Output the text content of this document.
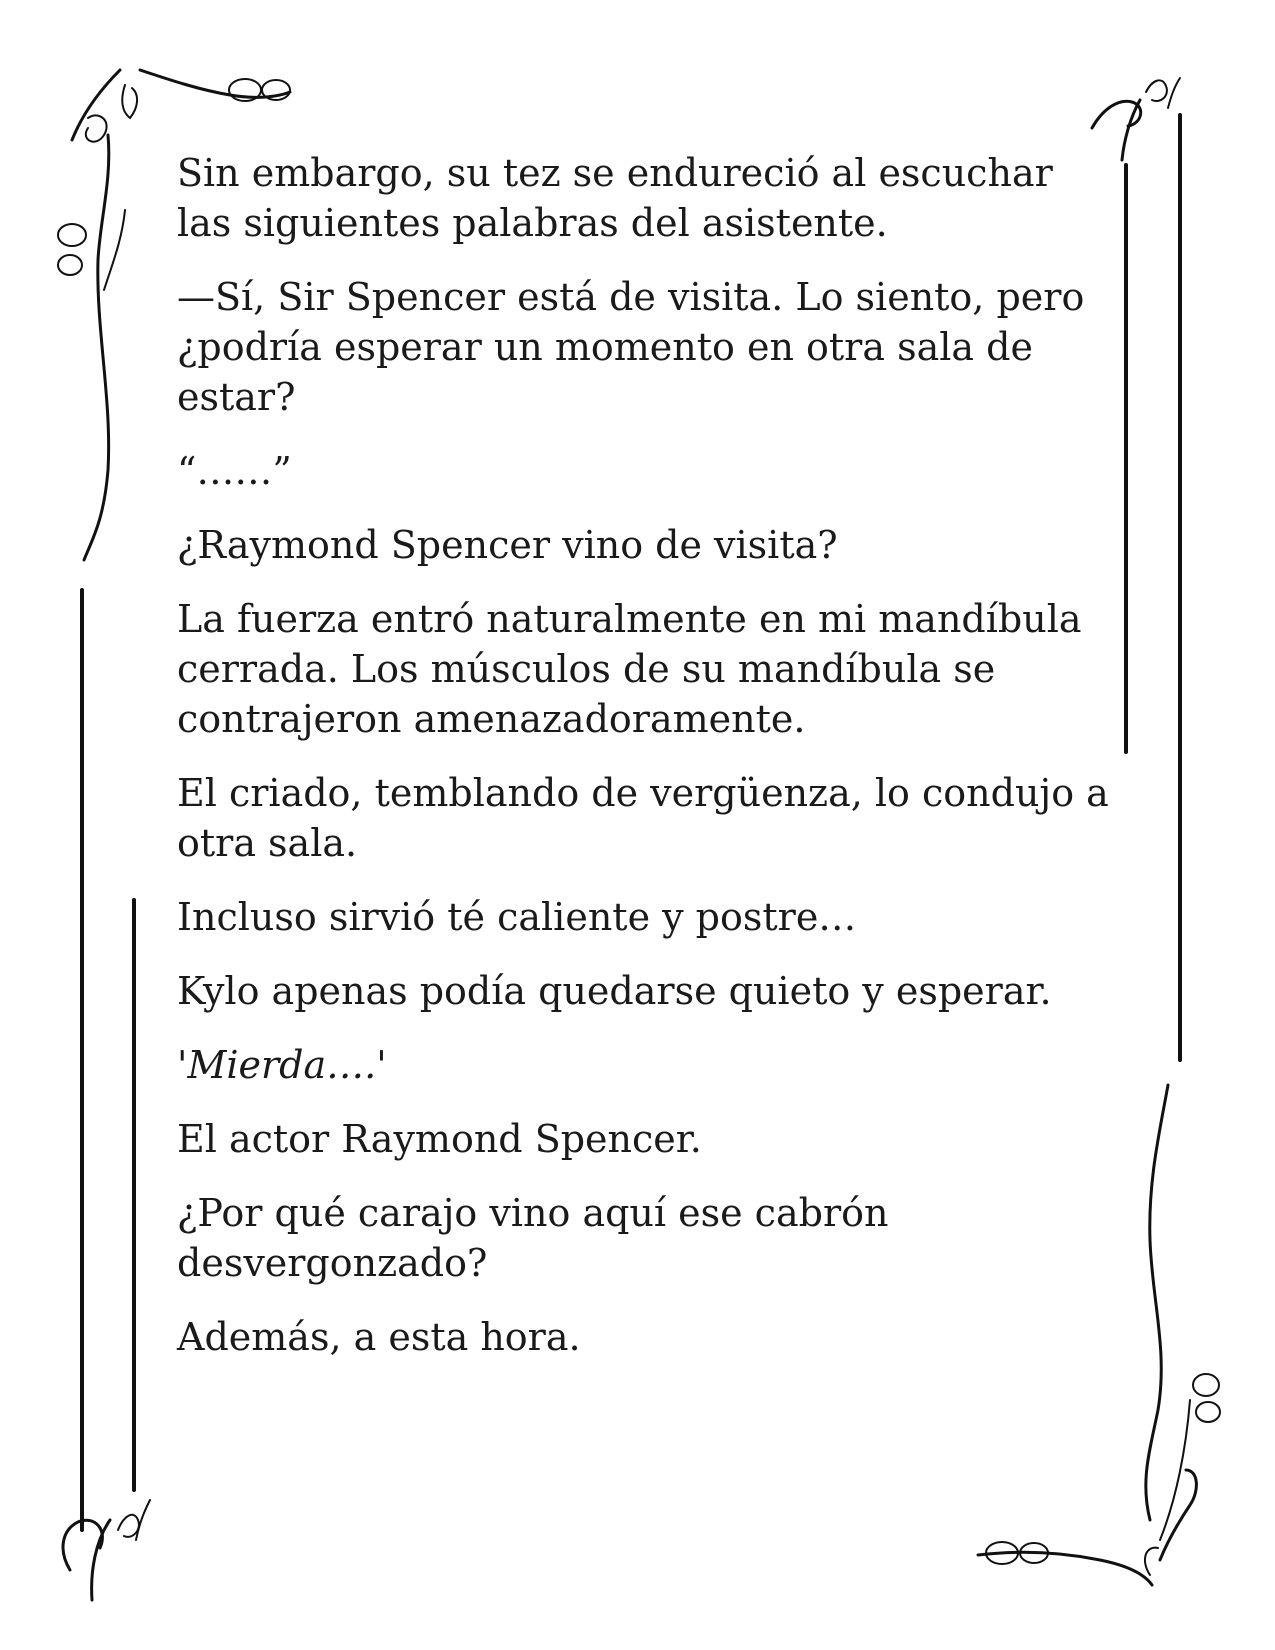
Sin embargo, su tez se endureció al escuchar las siguientes palabras del asistente.

—Sí, Sir Spencer está de visita. Lo siento, pero ¿podría esperar un momento en otra sala de estar?

“……”

¿Raymond Spencer vino de visita?

La fuerza entró naturalmente en mi mandíbula cerrada. Los músculos de su mandíbula se contrajeron amenazadoramente.

El criado, temblando de vergüenza, lo condujo a otra sala.

Incluso sirvió té caliente y postre…

Kylo apenas podía quedarse quieto y esperar.

'Mierda….'

El actor Raymond Spencer.

¿Por qué carajo vino aquí ese cabrón desvergonzado?

Además, a esta hora.
